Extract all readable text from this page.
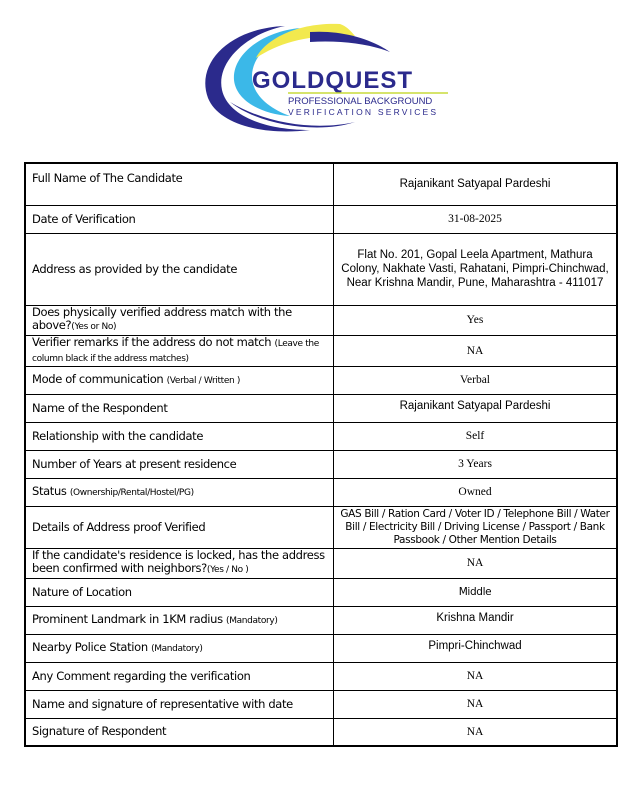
GOLDQUEST
PROFESSIONAL BACKGROUND
VERIFICATION SERVICES
Full Name of The Candidate	Rajanikant Satyapal Pardeshi
Date of Verification	31-08-2025
Address as provided by the candidate	Flat No. 201, Gopal Leela Apartment, Mathura Colony, Nakhate Vasti, Rahatani, Pimpri-Chinchwad, Near Krishna Mandir, Pune, Maharashtra - 411017
Does physically verified address match with the above?(Yes or No)	Yes
Verifier remarks if the address do not match (Leave the column black if the address matches)	NA
Mode of communication (Verbal / Written )	Verbal
Name of the Respondent	Rajanikant Satyapal Pardeshi
Relationship with the candidate	Self
Number of Years at present residence	3 Years
Status (Ownership/Rental/Hostel/PG)	Owned
Details of Address proof Verified	GAS Bill / Ration Card / Voter ID / Telephone Bill / Water Bill / Electricity Bill / Driving License / Passport / Bank Passbook / Other Mention Details
If the candidate's residence is locked, has the address been confirmed with neighbors?(Yes / No )	NA
Nature of Location	Middle
Prominent Landmark in 1KM radius (Mandatory)	Krishna Mandir
Nearby Police Station (Mandatory)	Pimpri-Chinchwad
Any Comment regarding the verification	NA
Name and signature of representative with date	NA
Signature of Respondent	NA
